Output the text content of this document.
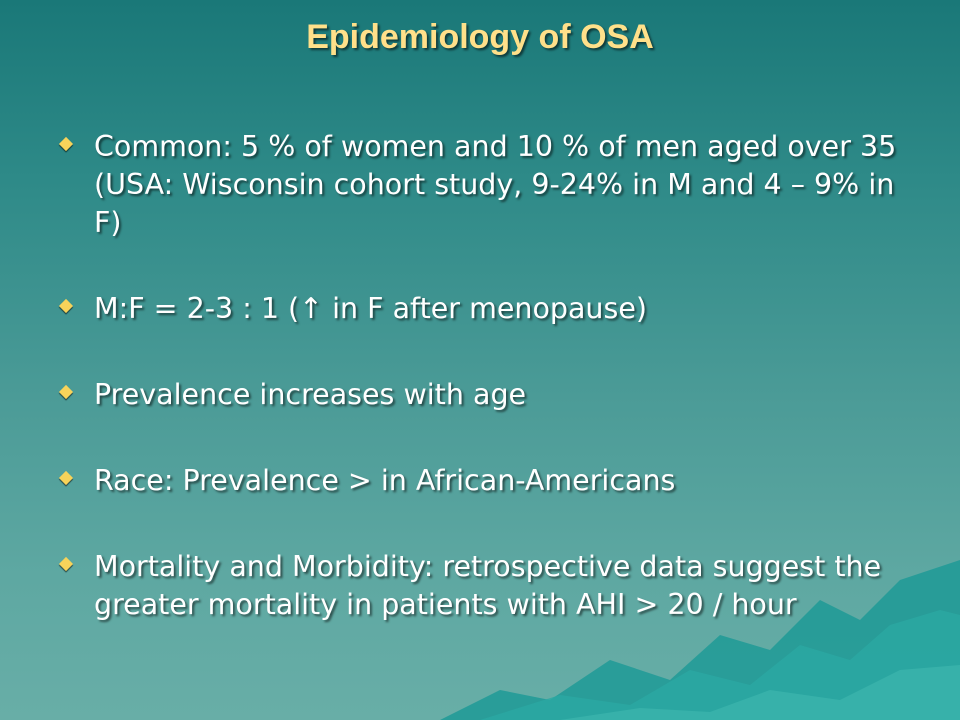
Epidemiology of OSA
Common: 5 % of women and 10 % of men aged over 35 (USA: Wisconsin cohort study, 9-24% in M and 4 – 9% in F)
M:F = 2-3 : 1 (↑ in F after menopause)
Prevalence increases with age
Race: Prevalence > in African-Americans
Mortality and Morbidity: retrospective data suggest the greater mortality in patients with AHI > 20 / hour
